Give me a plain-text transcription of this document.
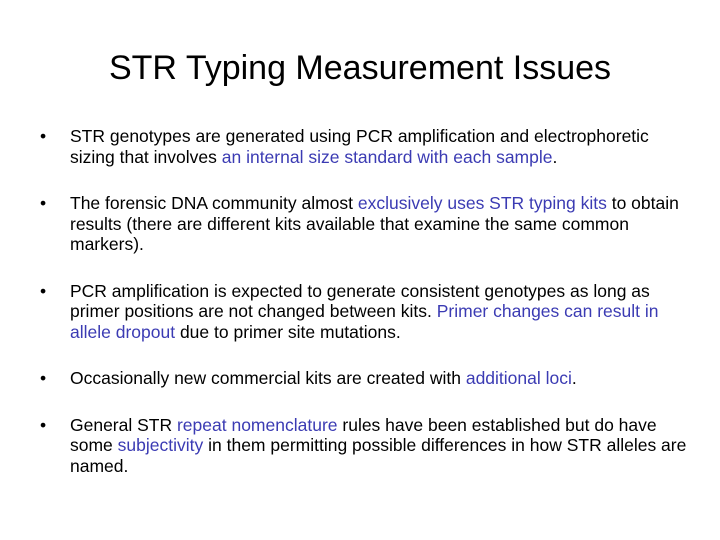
STR Typing Measurement Issues
•	STR genotypes are generated using PCR amplification and electrophoretic sizing that involves an internal size standard with each sample.
•	The forensic DNA community almost exclusively uses STR typing kits to obtain results (there are different kits available that examine the same common markers).
•	PCR amplification is expected to generate consistent genotypes as long as primer positions are not changed between kits. Primer changes can result in allele dropout due to primer site mutations.
•	Occasionally new commercial kits are created with additional loci.
•	General STR repeat nomenclature rules have been established but do have some subjectivity in them permitting possible differences in how STR alleles are named.
